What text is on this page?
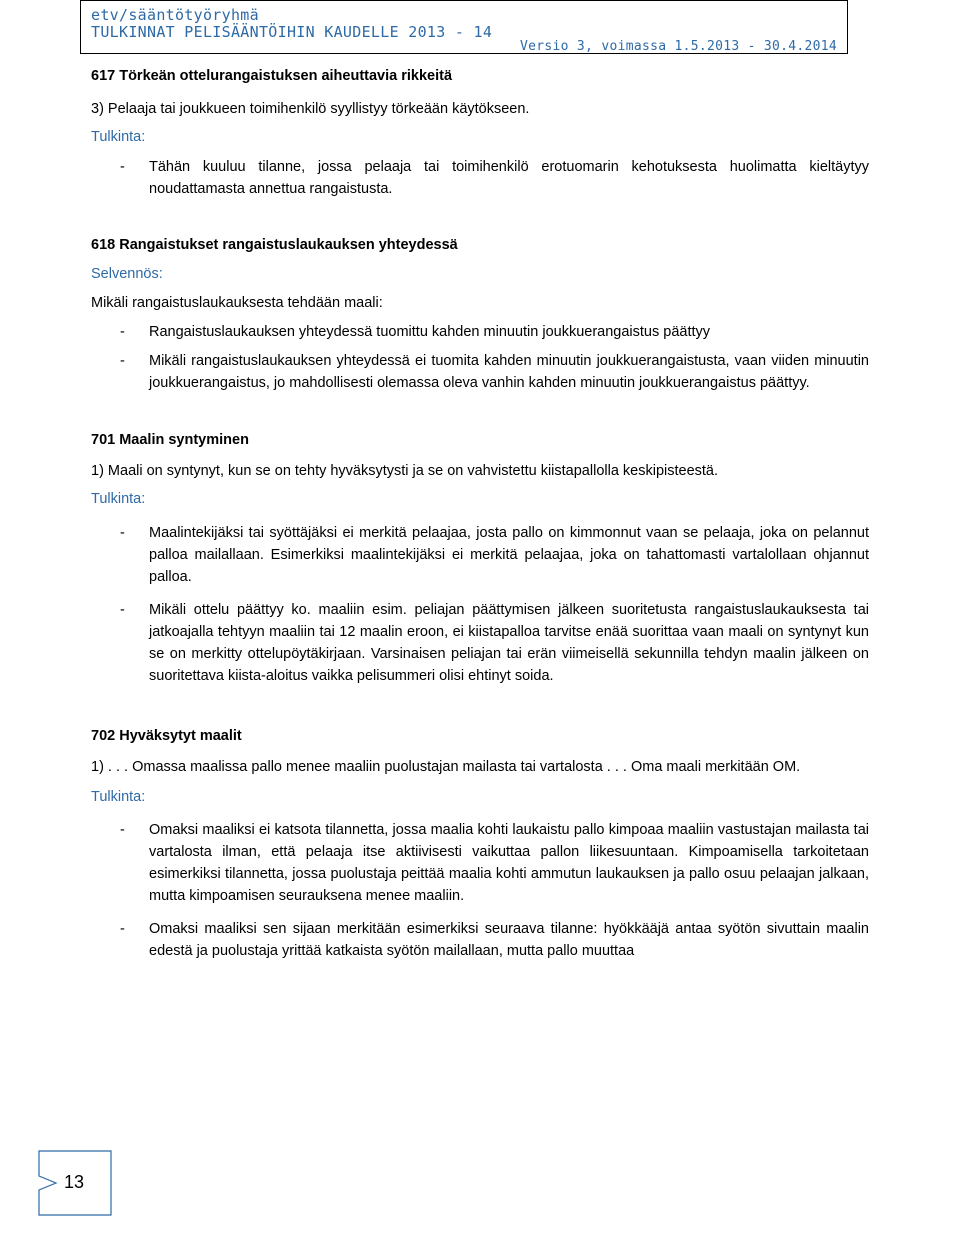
etv/sääntötyöryhmä
TULKINNAT PELISÄÄNTÖIHIN KAUDELLE 2013 - 14
Versio 3, voimassa 1.5.2013 - 30.4.2014

617 Törkeän ottelurangaistuksen aiheuttavia rikkeitä

3) Pelaaja tai joukkueen toimihenkilö syyllistyy törkeään käytökseen.

Tulkinta:

- Tähän kuuluu tilanne, jossa pelaaja tai toimihenkilö erotuomarin kehotuksesta huolimatta kieltäytyy noudattamasta annettua rangaistusta.

618 Rangaistukset rangaistuslaukauksen yhteydessä

Selvennös:

Mikäli rangaistuslaukauksesta tehdään maali:

- Rangaistuslaukauksen yhteydessä tuomittu kahden minuutin joukkuerangaistus päättyy
- Mikäli rangaistuslaukauksen yhteydessä ei tuomita kahden minuutin joukkuerangaistusta, vaan viiden minuutin joukkuerangaistus, jo mahdollisesti olemassa oleva vanhin kahden minuutin joukkuerangaistus päättyy.

701 Maalin syntyminen

1) Maali on syntynyt, kun se on tehty hyväksytysti ja se on vahvistettu kiistapallolla keskipisteestä.

Tulkinta:

- Maalintekijäksi tai syöttäjäksi ei merkitä pelaajaa, josta pallo on kimmonnut vaan se pelaaja, joka on pelannut palloa mailallaan. Esimerkiksi maalintekijäksi ei merkitä pelaajaa, joka on tahattomasti vartalollaan ohjannut palloa.
- Mikäli ottelu päättyy ko. maaliin esim. peliajan päättymisen jälkeen suoritetusta rangaistuslaukauksesta tai jatkoajalla tehtyyn maaliin tai 12 maalin eroon, ei kiistapalloa tarvitse enää suorittaa vaan maali on syntynyt kun se on merkitty ottelupöytäkirjaan. Varsinaisen peliajan tai erän viimeisellä sekunnilla tehdyn maalin jälkeen on suoritettava kiista-aloitus vaikka pelisummeri olisi ehtinyt soida.

702 Hyväksytyt maalit

1) . . . Omassa maalissa pallo menee maaliin puolustajan mailasta tai vartalosta . . . Oma maali merkitään OM.

Tulkinta:

- Omaksi maaliksi ei katsota tilannetta, jossa maalia kohti laukaistu pallo kimpoaa maaliin vastustajan mailasta tai vartalosta ilman, että pelaaja itse aktiivisesti vaikuttaa pallon liikesuuntaan. Kimpoamisella tarkoitetaan esimerkiksi tilannetta, jossa puolustaja peittää maalia kohti ammutun laukauksen ja pallo osuu pelaajan jalkaan, mutta kimpoamisen seurauksena menee maaliin.
- Omaksi maaliksi sen sijaan merkitään esimerkiksi seuraava tilanne: hyökkääjä antaa syötön sivuttain maalin edestä ja puolustaja yrittää katkaista syötön mailallaan, mutta pallo muuttaa
13
